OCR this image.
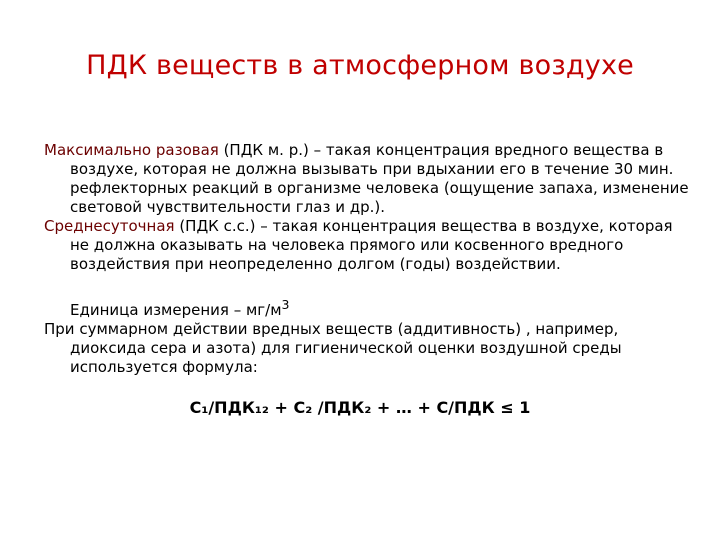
ПДК веществ в атмосферном воздухе

Максимально разовая (ПДК м. р.) – такая концентрация вредного вещества в воздухе, которая не должна вызывать при вдыхании его в течение 30 мин. рефлекторных реакций в организме человека (ощущение запаха, изменение световой чувствительности глаз и др.).

Среднесуточная (ПДК с.с.) – такая концентрация вещества в воздухе, которая не должна оказывать на человека прямого или косвенного вредного воздействия при неопределенно долгом (годы) воздействии.

Единица измерения – $мг/м^3$

При суммарном действии вредных веществ (аддитивность) , например, диоксида сера и азота) для гигиенической оценки воздушной среды используется формула:

C₁/ПДК₁₂ + C₂ /ПДК₂ + … + C/ПДК ≤ 1
